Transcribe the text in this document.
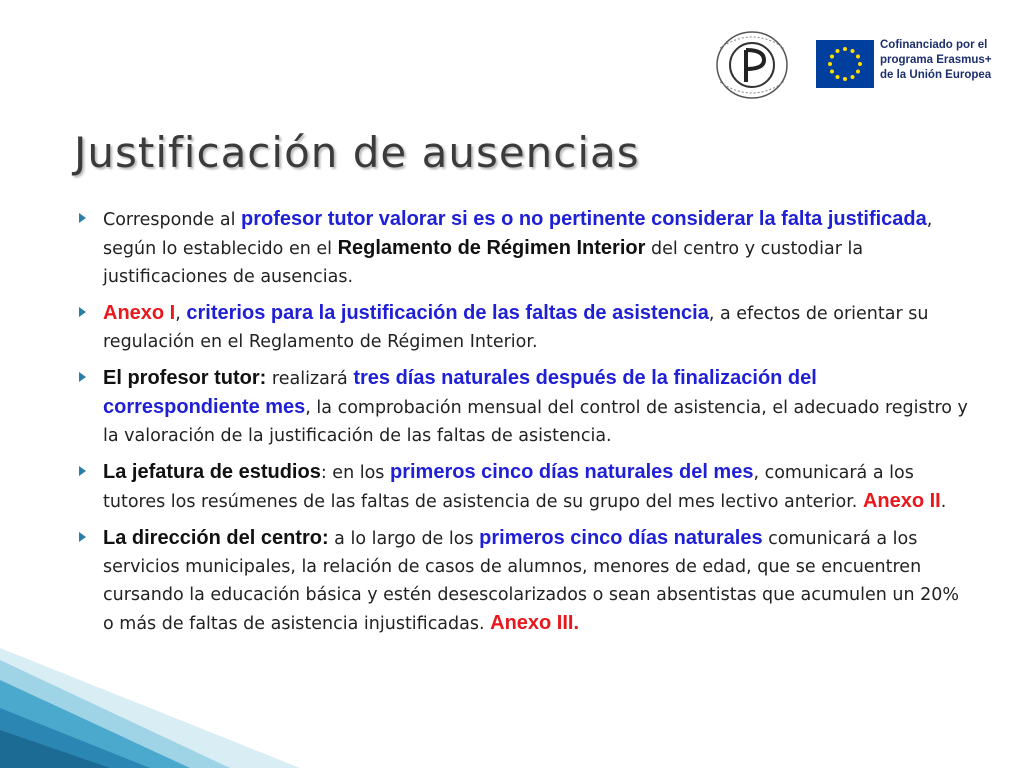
Cofinanciado por el
programa Erasmus+
de la Unión Europea
Justificación de ausencias
Corresponde al profesor tutor valorar si es o no pertinente considerar la falta justificada, según lo establecido en el Reglamento de Régimen Interior del centro y custodiar la justificaciones de ausencias.
Anexo I, criterios para la justificación de las faltas de asistencia, a efectos de orientar su regulación en el Reglamento de Régimen Interior.
El profesor tutor: realizará tres días naturales después de la finalización del correspondiente mes, la comprobación mensual del control de asistencia, el adecuado registro y la valoración de la justificación de las faltas de asistencia.
La jefatura de estudios: en los primeros cinco días naturales del mes, comunicará a los tutores los resúmenes de las faltas de asistencia de su grupo del mes lectivo anterior. Anexo II.
La dirección del centro: a lo largo de los primeros cinco días naturales comunicará a los servicios municipales, la relación de casos de alumnos, menores de edad, que se encuentren cursando la educación básica y estén desescolarizados o sean absentistas que acumulen un 20% o más de faltas de asistencia injustificadas. Anexo III.
